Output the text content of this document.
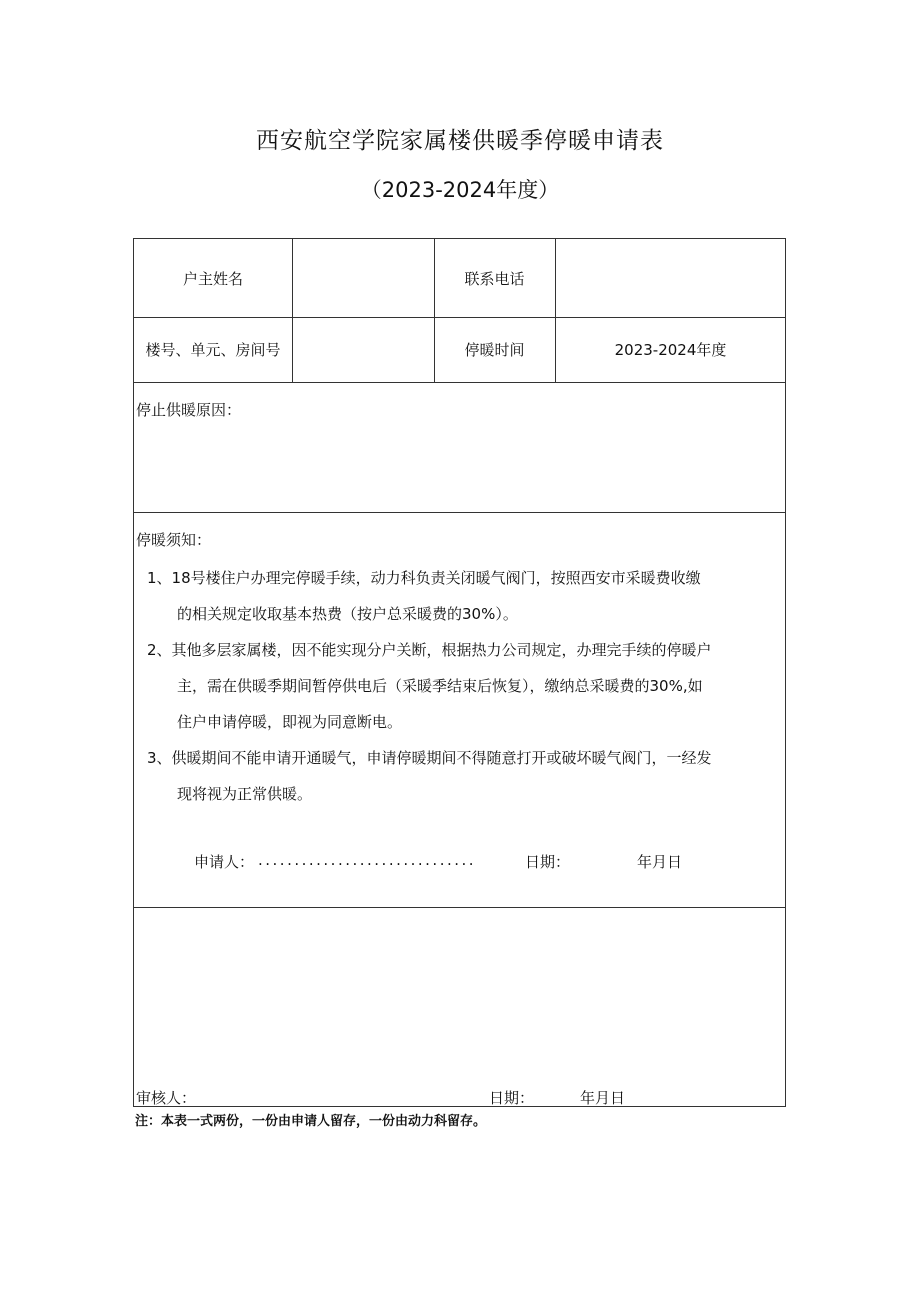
西安航空学院家属楼供暖季停暖申请表
（2023-2024年度）
户主姓名	联系电话
楼号、单元、房间号	停暖时间	2023-2024年度
停止供暖原因：
停暖须知：
1、18号楼住户办理完停暖手续，动力科负责关闭暖气阀门，按照西安市采暖费收缴
的相关规定收取基本热费（按户总采暖费的30%）。
2、其他多层家属楼，因不能实现分户关断，根据热力公司规定，办理完手续的停暖户
主，需在供暖季期间暂停供电后（采暖季结束后恢复），缴纳总采暖费的30%,如
住户申请停暖，即视为同意断电。
3、供暖期间不能申请开通暖气，申请停暖期间不得随意打开或破坏暖气阀门，一经发
现将视为正常供暖。
申请人： ..............................	日期：	年月日
审核人：	日期：	年月日
注：本表一式两份，一份由申请人留存，一份由动力科留存。
